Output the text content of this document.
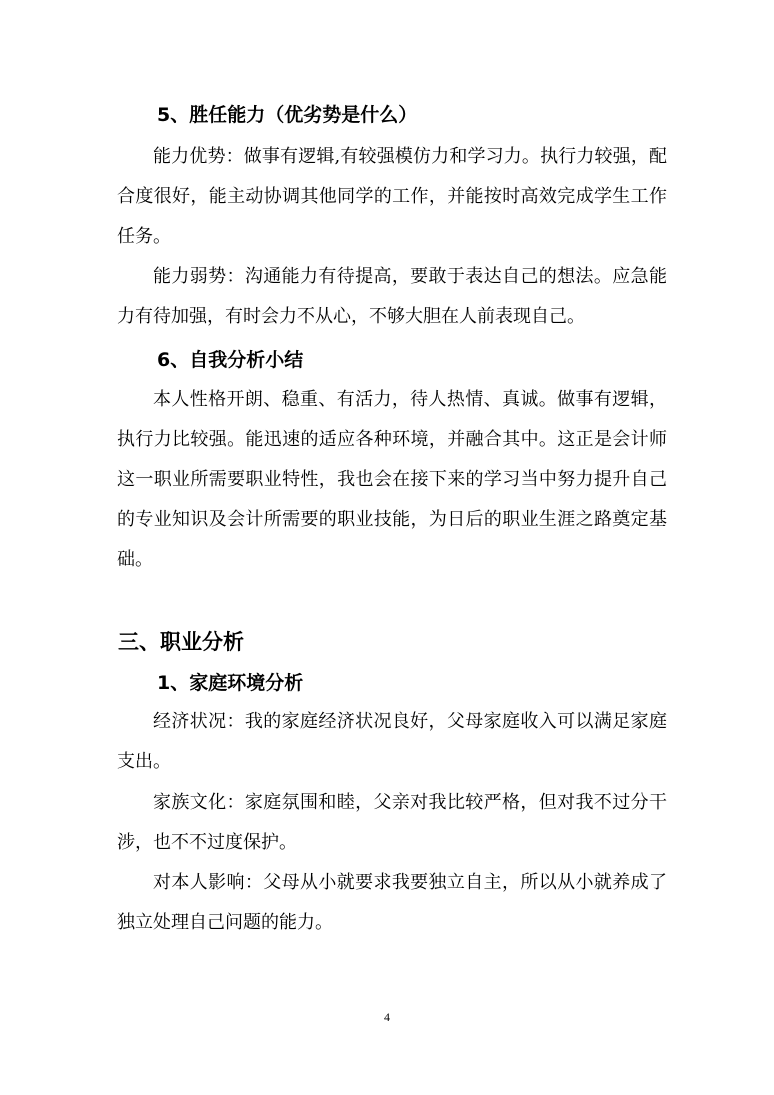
5、胜任能力（优劣势是什么）
能力优势：做事有逻辑,有较强模仿力和学习力。执行力较强，配合度很好，能主动协调其他同学的工作，并能按时高效完成学生工作任务。
能力弱势：沟通能力有待提高，要敢于表达自己的想法。应急能力有待加强，有时会力不从心，不够大胆在人前表现自己。
6、自我分析小结
本人性格开朗、稳重、有活力，待人热情、真诚。做事有逻辑，执行力比较强。能迅速的适应各种环境，并融合其中。这正是会计师这一职业所需要职业特性，我也会在接下来的学习当中努力提升自己的专业知识及会计所需要的职业技能，为日后的职业生涯之路奠定基础。
三、职业分析
1、家庭环境分析
经济状况：我的家庭经济状况良好，父母家庭收入可以满足家庭支出。
家族文化：家庭氛围和睦，父亲对我比较严格，但对我不过分干涉，也不不过度保护。
对本人影响：父母从小就要求我要独立自主，所以从小就养成了独立处理自己问题的能力。
4
